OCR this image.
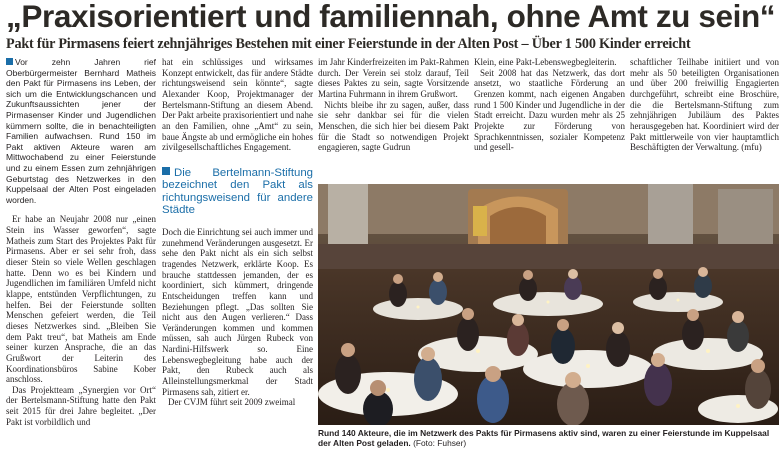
„Praxisorientiert und familiennah, ohne Amt zu sein“
Pakt für Pirmasens feiert zehnjähriges Bestehen mit einer Feierstunde in der Alten Post – Über 1 500 Kinder erreicht

Vor zehn Jahren rief Oberbürgermeister Bernhard Matheis den Pakt für Pirmasens ins Leben, der sich um die Entwicklungschancen und Zukunftsaussichten jener der Pirmasenser Kinder und Jugendlichen kümmern sollte, die in benachteiligten Familien aufwachsen. Rund 150 im Pakt aktiven Akteure waren am Mittwochabend zu einer Feierstunde und zu einem Essen zum zehnjährigen Geburtstag des Netzwerkes in den Kuppelsaal der Alten Post eingeladen worden.

Er habe an Neujahr 2008 nur „einen Stein ins Wasser geworfen“, sagte Matheis zum Start des Projektes Pakt für Pirmasens. Aber er sei sehr froh, dass dieser Stein so viele Wellen geschlagen hatte. Denn wo es bei Kindern und Jugendlichen im familiären Umfeld nicht klappe, entstünden Verpflichtungen, zu helfen. Bei der Feierstunde sollten Menschen gefeiert werden, die Teil dieses Netzwerkes sind. „Bleiben Sie dem Pakt treu“, bat Matheis am Ende seiner kurzen Ansprache, die an das Grußwort der Leiterin des Koordinationsbüros Sabine Kober anschloss.

Das Projektteam „Synergien vor Ort“ der Bertelsmann-Stiftung hatte den Pakt seit 2015 für drei Jahre begleitet. „Der Pakt ist vorbildlich und

hat ein schlüssiges und wirksames Konzept entwickelt, das für andere Städte richtungsweisend sein könnte“, sagte Alexander Koop, Projektmanager der Bertelsmann-Stiftung an diesem Abend. Der Pakt arbeite praxisorientiert und nahe an den Familien, ohne „Amt“ zu sein, baue Ängste ab und ermögliche ein hohes zivilgesellschaftliches Engagement.

Die Bertelmann-Stiftung bezeichnet den Pakt als richtungsweisend für andere Städte

Doch die Einrichtung sei auch immer und zunehmend Veränderungen ausgesetzt. Er sehe den Pakt nicht als ein sich selbst tragendes Netzwerk, erklärte Koop. Es brauche stattdessen jemanden, der es koordiniert, sich kümmert, dringende Entscheidungen treffen kann und Beziehungen pflegt. „Das sollten Sie nicht aus den Augen verlieren.“ Dass Veränderungen kommen und kommen müssen, sah auch Jürgen Rubeck von Nardini-Hilfswerk so. Eine Lebenswegbegleitung habe auch der Pakt, den Rubeck auch als Alleinstellungsmerkmal der Stadt Pirmasens sah, zitiert er.

Der CVJM führt seit 2009 zweimal

im Jahr Kinderfreizeiten im Pakt-Rahmen durch. Der Verein sei stolz darauf, Teil dieses Paktes zu sein, sagte Vorsitzende Martina Fuhrmann in ihrem Grußwort.

Nichts bleibe ihr zu sagen, außer, dass sie sehr dankbar sei für die vielen Menschen, die sich hier bei diesem Pakt für die Stadt so notwendigen Projekt engagieren, sagte Gudrun

Klein, eine Pakt-Lebenswegbegleiterin.

Seit 2008 hat das Netzwerk, das dort ansetzt, wo staatliche Förderung an Grenzen kommt, nach eigenen Angaben rund 1 500 Kinder und Jugendliche in der Stadt erreicht. Dazu wurden mehr als 25 Projekte zur Förderung von Sprachkenntnissen, sozialer Kompetenz und gesell-

schaftlicher Teilhabe initiiert und von mehr als 50 beteiligten Organisationen und über 200 freiwillig Engagierten durchgeführt, schreibt eine Broschüre, die die Bertelsmann-Stiftung zum zehnjährigen Jubiläum des Paktes herausgegeben hat. Koordiniert wird der Pakt mittlerweile von vier hauptamtlich Beschäftigten der Verwaltung. (mfu)

Rund 140 Akteure, die im Netzwerk des Pakts für Pirmasens aktiv sind, waren zu einer Feierstunde im Kuppelsaal der Alten Post geladen. (Foto: Fuhser)
